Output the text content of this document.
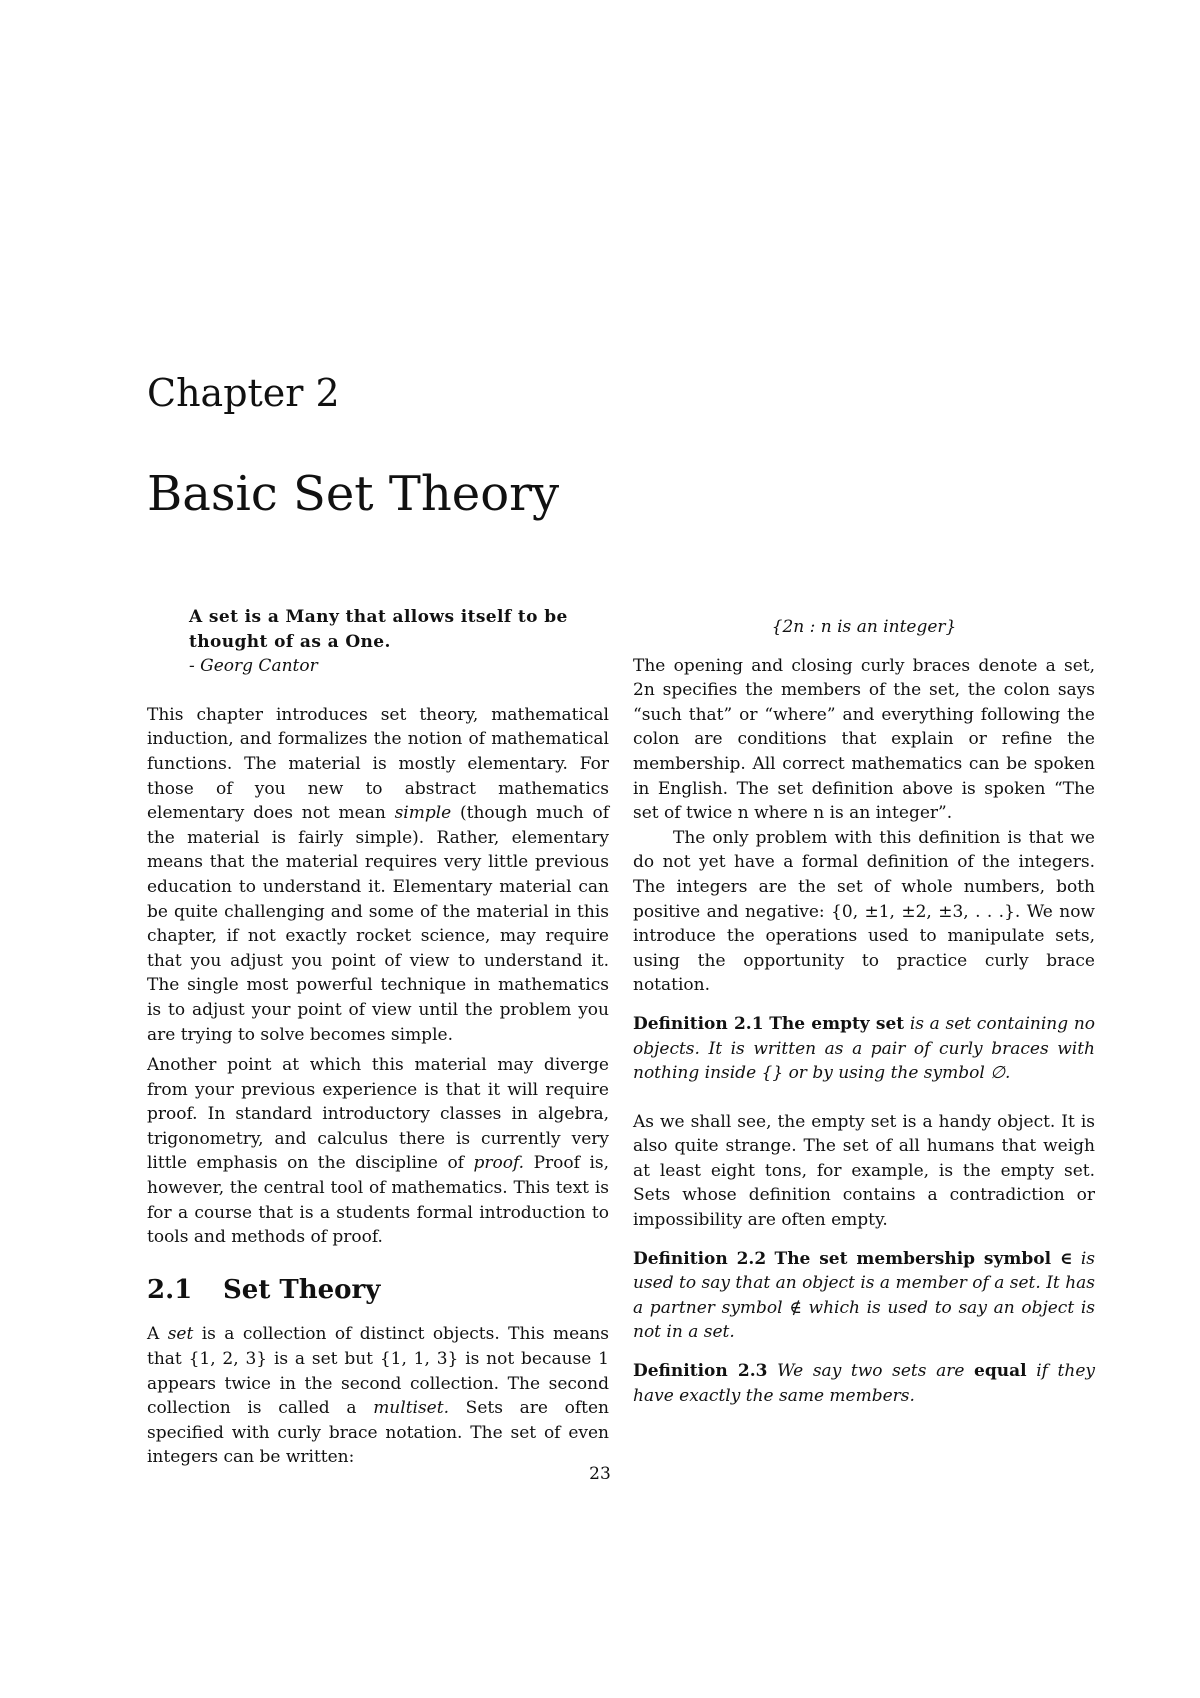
Chapter 2
Basic Set Theory
A set is a Many that allows itself to be thought of as a One.
- Georg Cantor

This chapter introduces set theory, mathematical induction, and formalizes the notion of mathematical functions. The material is mostly elementary. For those of you new to abstract mathematics elementary does not mean simple (though much of the material is fairly simple). Rather, elementary means that the material requires very little previous education to understand it. Elementary material can be quite challenging and some of the material in this chapter, if not exactly rocket science, may require that you adjust you point of view to understand it. The single most powerful technique in mathematics is to adjust your point of view until the problem you are trying to solve becomes simple.

Another point at which this material may diverge from your previous experience is that it will require proof. In standard introductory classes in algebra, trigonometry, and calculus there is currently very little emphasis on the discipline of proof. Proof is, however, the central tool of mathematics. This text is for a course that is a students formal introduction to tools and methods of proof.

2.1 Set Theory

A set is a collection of distinct objects. This means that {1, 2, 3} is a set but {1, 1, 3} is not because 1 appears twice in the second collection. The second collection is called a multiset. Sets are often specified with curly brace notation. The set of even integers can be written:

{2n : n is an integer}

The opening and closing curly braces denote a set, 2n specifies the members of the set, the colon says “such that” or “where” and everything following the colon are conditions that explain or refine the membership. All correct mathematics can be spoken in English. The set definition above is spoken “The set of twice n where n is an integer”.

The only problem with this definition is that we do not yet have a formal definition of the integers. The integers are the set of whole numbers, both positive and negative: {0, ±1, ±2, ±3, . . .}. We now introduce the operations used to manipulate sets, using the opportunity to practice curly brace notation.

Definition 2.1 The empty set is a set containing no objects. It is written as a pair of curly braces with nothing inside {} or by using the symbol ∅.

As we shall see, the empty set is a handy object. It is also quite strange. The set of all humans that weigh at least eight tons, for example, is the empty set. Sets whose definition contains a contradiction or impossibility are often empty.

Definition 2.2 The set membership symbol ∈ is used to say that an object is a member of a set. It has a partner symbol ∉ which is used to say an object is not in a set.

Definition 2.3 We say two sets are equal if they have exactly the same members.

23
